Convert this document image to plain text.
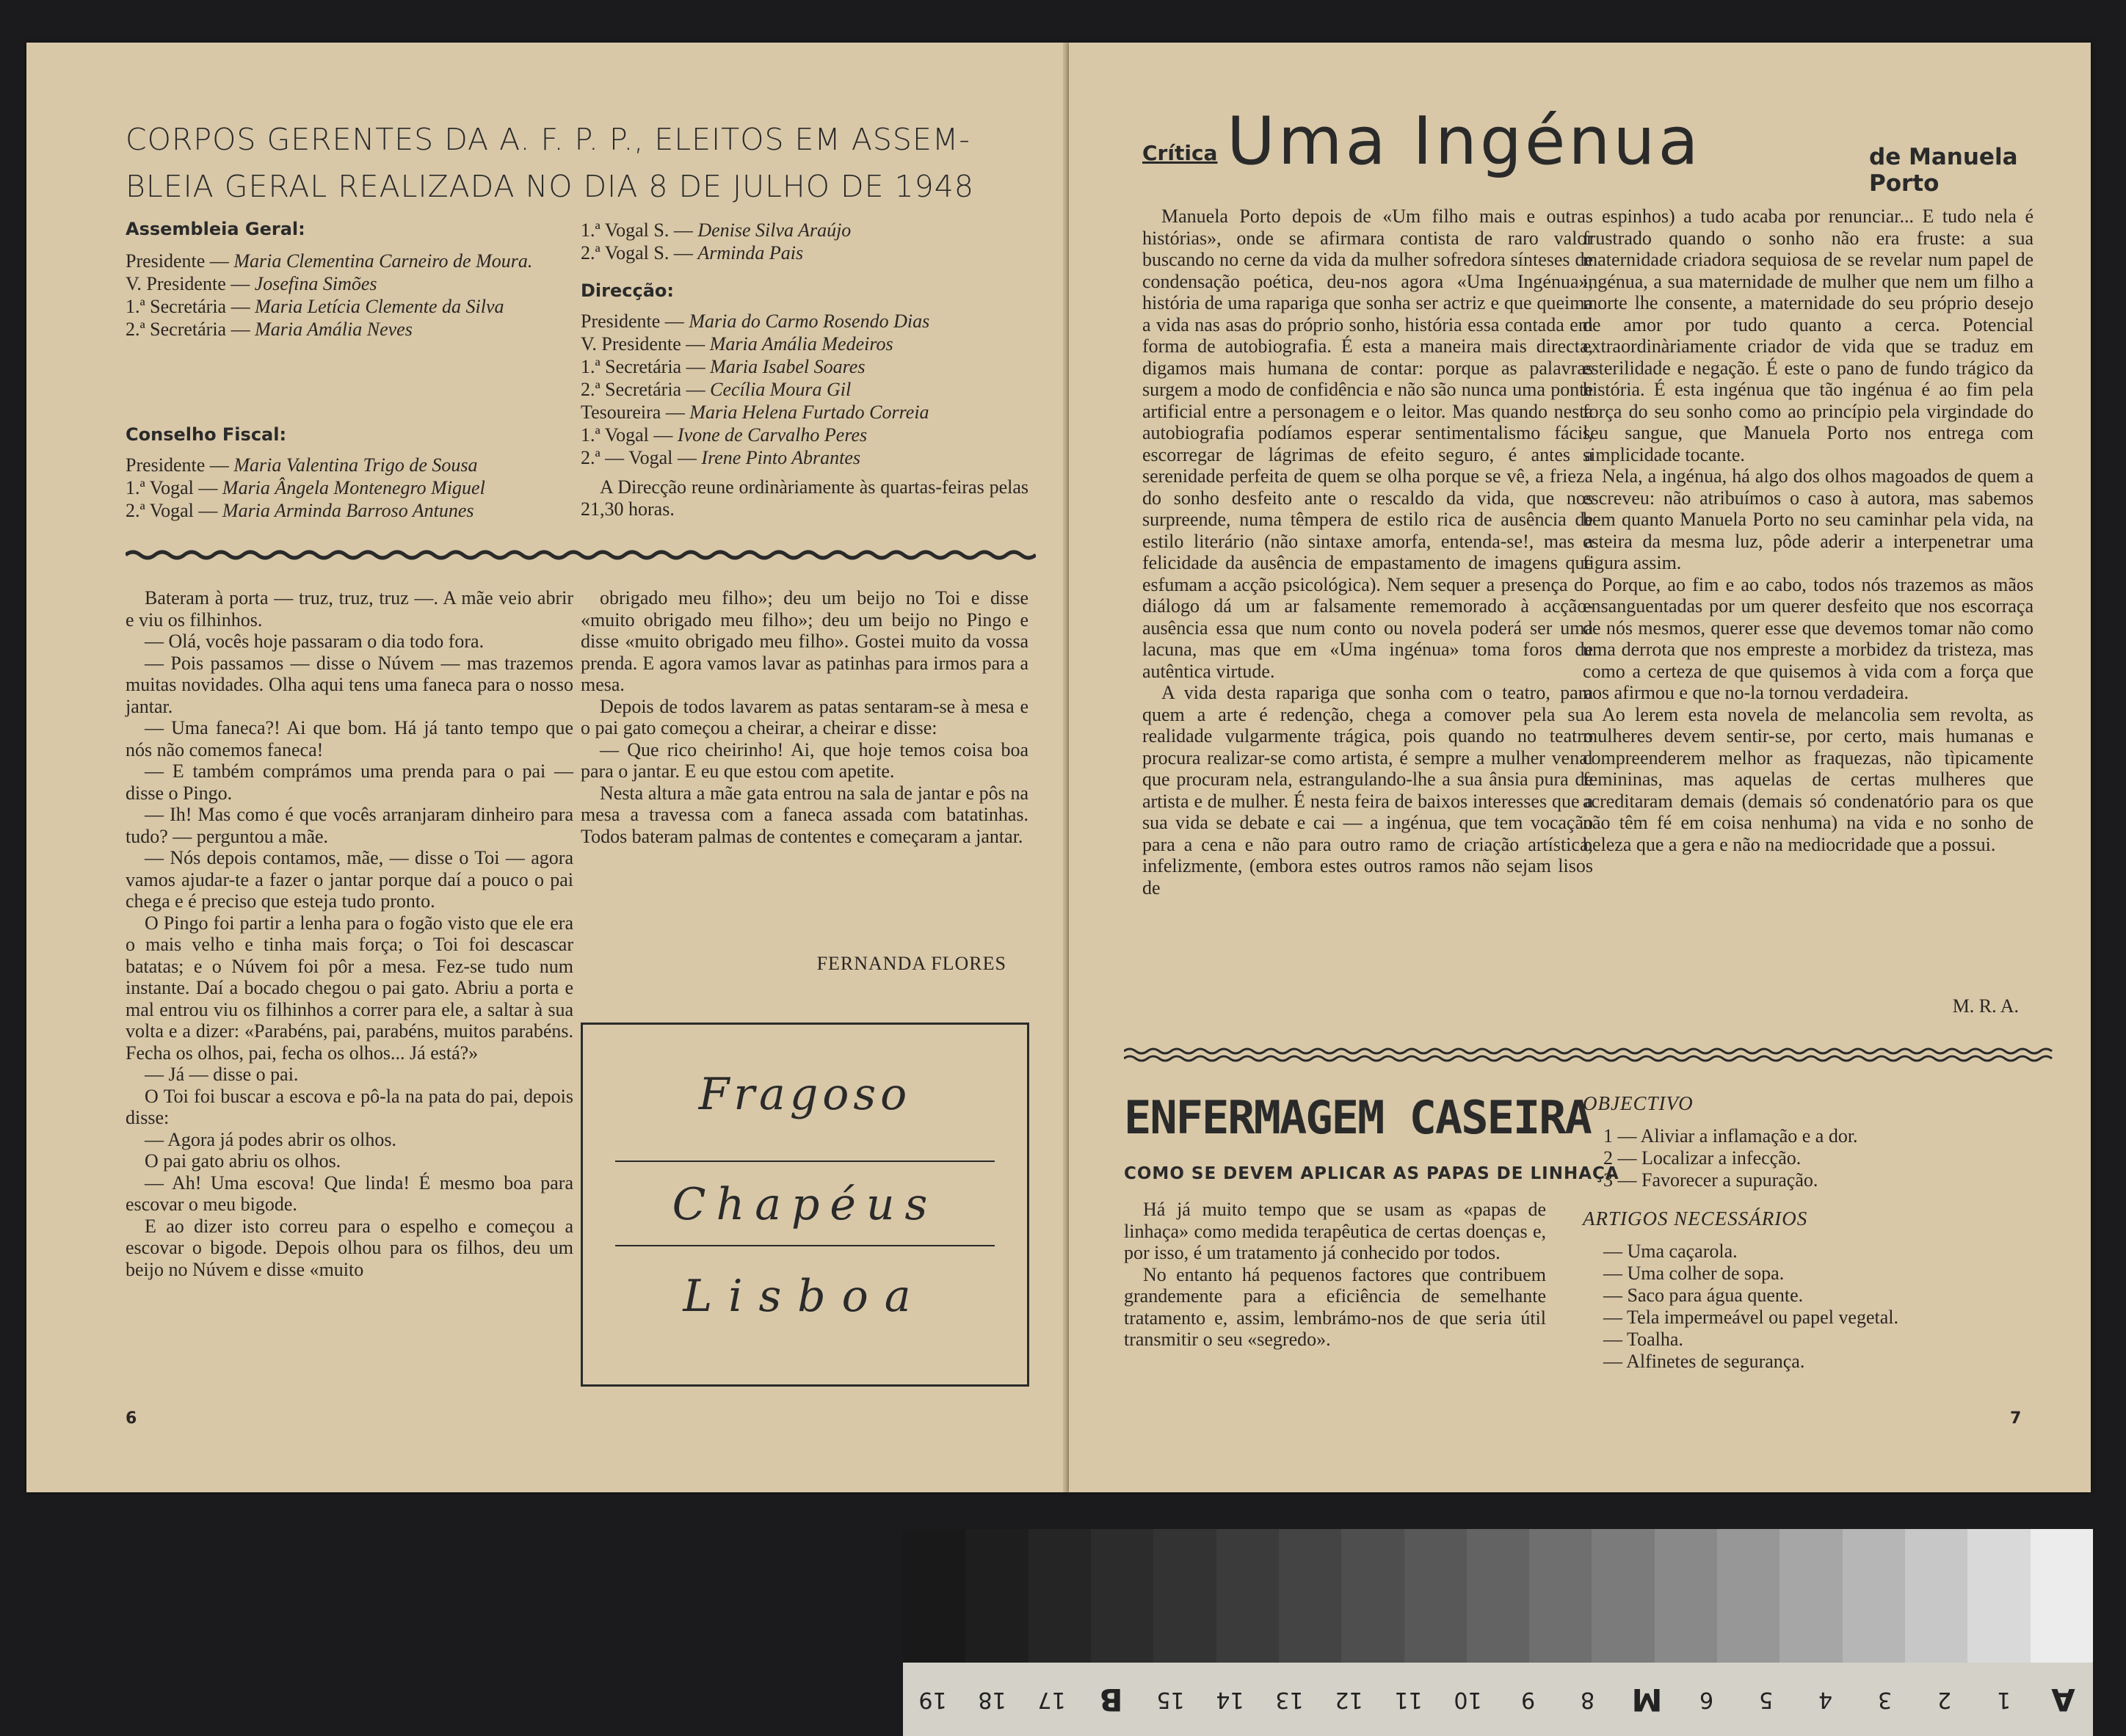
CORPOS GERENTES DA A. F. P. P., ELEITOS EM ASSEM-
BLEIA GERAL REALIZADA NO DIA 8 DE JULHO DE 1948
Assembleia Geral:
Presidente — Maria Clementina Carneiro de Moura.
V. Presidente — Josefina Simões
1.ª Secretária — Maria Letícia Clemente da Silva
2.ª Secretária — Maria Amália Neves
Conselho Fiscal:
Presidente — Maria Valentina Trigo de Sousa
1.ª Vogal — Maria Ângela Montenegro Miguel
2.ª Vogal — Maria Arminda Barroso Antunes
1.ª Vogal S. — Denise Silva Araújo
2.ª Vogal S. — Arminda Pais
Direcção:
Presidente — Maria do Carmo Rosendo Dias
V. Presidente — Maria Amália Medeiros
1.ª Secretária — Maria Isabel Soares
2.ª Secretária — Cecília Moura Gil
Tesoureira — Maria Helena Furtado Correia
1.ª Vogal — Ivone de Carvalho Peres
2.ª — Vogal — Irene Pinto Abrantes

A Direcção reune ordinàriamente às quartas-feiras pelas 21,30 horas.

Bateram à porta — truz, truz, truz —. A mãe veio abrir e viu os filhinhos.

— Olá, vocês hoje passaram o dia todo fora.

— Pois passamos — disse o Núvem — mas trazemos muitas novidades. Olha aqui tens uma faneca para o nosso jantar.

— Uma faneca?! Ai que bom. Há já tanto tempo que nós não comemos faneca!

— E também comprámos uma prenda para o pai — disse o Pingo.

— Ih! Mas como é que vocês arranjaram dinheiro para tudo? — perguntou a mãe.

— Nós depois contamos, mãe, — disse o Toi — agora vamos ajudar-te a fazer o jantar porque daí a pouco o pai chega e é preciso que esteja tudo pronto.

O Pingo foi partir a lenha para o fogão visto que ele era o mais velho e tinha mais força; o Toi foi descascar batatas; e o Núvem foi pôr a mesa. Fez-se tudo num instante. Daí a bocado chegou o pai gato. Abriu a porta e mal entrou viu os filhinhos a correr para ele, a saltar à sua volta e a dizer: «Parabéns, pai, parabéns, muitos parabéns. Fecha os olhos, pai, fecha os olhos... Já está?»

— Já — disse o pai.

O Toi foi buscar a escova e pô-la na pata do pai, depois disse:

— Agora já podes abrir os olhos.

O pai gato abriu os olhos.

— Ah! Uma escova! Que linda! É mesmo boa para escovar o meu bigode.

E ao dizer isto correu para o espelho e começou a escovar o bigode. Depois olhou para os filhos, deu um beijo no Núvem e disse «muito

obrigado meu filho»; deu um beijo no Toi e disse «muito obrigado meu filho»; deu um beijo no Pingo e disse «muito obrigado meu filho». Gostei muito da vossa prenda. E agora vamos lavar as patinhas para irmos para a mesa.

Depois de todos lavarem as patas sentaram-se à mesa e o pai gato começou a cheirar, a cheirar e disse:

— Que rico cheirinho! Ai, que hoje temos coisa boa para o jantar. E eu que estou com apetite.

Nesta altura a mãe gata entrou na sala de jantar e pôs na mesa a travessa com a faneca assada com batatinhas. Todos bateram palmas de contentes e começaram a jantar.

FERNANDA FLORES
Fragoso
Chapéus
Lisboa
6
Crítica Uma Ingénua	de Manuela Porto

Manuela Porto depois de «Um filho mais e outras histórias», onde se afirmara contista de raro valor buscando no cerne da vida da mulher sofredora sínteses de condensação poética, deu-nos agora «Uma Ingénua», história de uma rapariga que sonha ser actriz e que queima a vida nas asas do próprio sonho, história essa contada em forma de autobiografia. É esta a maneira mais directa, digamos mais humana de contar: porque as palavras surgem a modo de confidência e não são nunca uma ponte artificial entre a personagem e o leitor. Mas quando nesta autobiografia podíamos esperar sentimentalismo fácil, escorregar de lágrimas de efeito seguro, é antes a serenidade perfeita de quem se olha porque se vê, a frieza do sonho desfeito ante o rescaldo da vida, que nos surpreende, numa têmpera de estilo rica de ausência de estilo literário (não sintaxe amorfa, entenda-se!, mas a felicidade da ausência de empastamento de imagens que esfumam a acção psicológica). Nem sequer a presença do diálogo dá um ar falsamente rememorado à acção-ausência essa que num conto ou novela poderá ser uma lacuna, mas que em «Uma ingénua» toma foros de autêntica virtude.

A vida desta rapariga que sonha com o teatro, para quem a arte é redenção, chega a comover pela sua realidade vulgarmente trágica, pois quando no teatro procura realizar-se como artista, é sempre a mulher venal que procuram nela, estrangulando-lhe a sua ânsia pura de artista e de mulher. É nesta feira de baixos interesses que a sua vida se debate e cai — a ingénua, que tem vocação para a cena e não para outro ramo de criação artística, infelizmente, (embora estes outros ramos não sejam lisos de

espinhos) a tudo acaba por renunciar... E tudo nela é frustrado quando o sonho não era fruste: a sua maternidade criadora sequiosa de se revelar num papel de ingénua, a sua maternidade de mulher que nem um filho a morte lhe consente, a maternidade do seu próprio desejo de amor por tudo quanto a cerca. Potencial extraordinàriamente criador de vida que se traduz em esterilidade e negação. É este o pano de fundo trágico da história. É esta ingénua que tão ingénua é ao fim pela força do seu sonho como ao princípio pela virgindade do seu sangue, que Manuela Porto nos entrega com simplicidade tocante.

Nela, a ingénua, há algo dos olhos magoados de quem a escreveu: não atribuímos o caso à autora, mas sabemos bem quanto Manuela Porto no seu caminhar pela vida, na esteira da mesma luz, pôde aderir a interpenetrar uma figura assim.

Porque, ao fim e ao cabo, todos nós trazemos as mãos ensanguentadas por um querer desfeito que nos escorraça de nós mesmos, querer esse que devemos tomar não como uma derrota que nos empreste a morbidez da tristeza, mas como a certeza de que quisemos à vida com a força que nos afirmou e que no-la tornou verdadeira.

Ao lerem esta novela de melancolia sem revolta, as mulheres devem sentir-se, por certo, mais humanas e compreenderem melhor as fraquezas, não tìpicamente femininas, mas aquelas de certas mulheres que acreditaram demais (demais só condenatório para os que não têm fé em coisa nenhuma) na vida e no sonho de beleza que a gera e não na mediocridade que a possui.

M. R. A.
ENFERMAGEM CASEIRA
COMO SE DEVEM APLICAR AS PAPAS DE LINHAÇA

Há já muito tempo que se usam as «papas de linhaça» como medida terapêutica de certas doenças e, por isso, é um tratamento já conhecido por todos.

No entanto há pequenos factores que contribuem grandemente para a eficiência de semelhante tratamento e, assim, lembrámo-nos de que seria útil transmitir o seu «segredo».

OBJECTIVO
1 — Aliviar a inflamação e a dor.
2 — Localizar a infecção.
3 — Favorecer a supuração.
ARTIGOS NECESSÁRIOS
— Uma caçarola.
— Uma colher de sopa.
— Saco para água quente.
— Tela impermeável ou papel vegetal.
— Toalha.
— Alfinetes de segurança.
7
A
1
2
3
4
5
6
M
8
9
10
11
12
13
14
15
B
17
18
19
